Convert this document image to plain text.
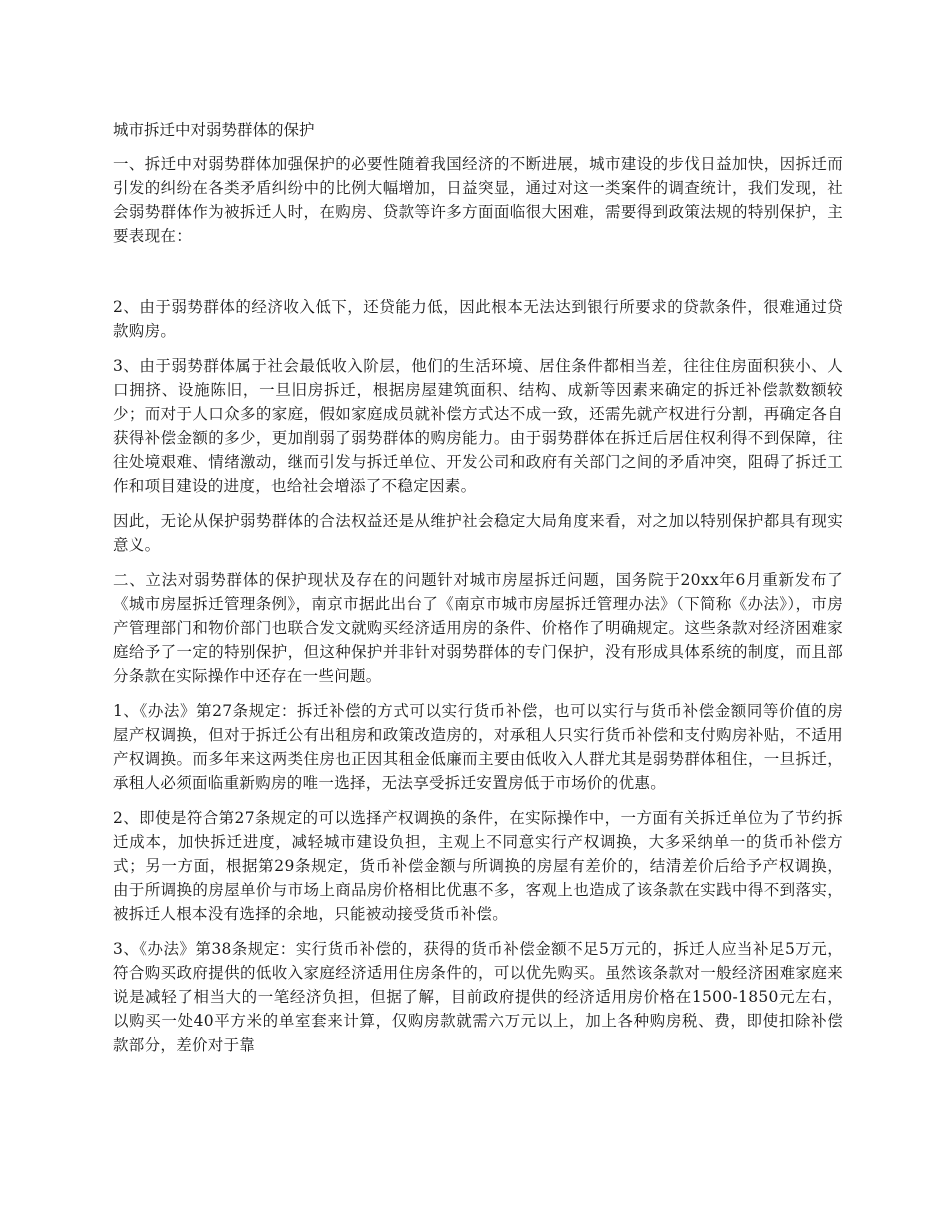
城市拆迁中对弱势群体的保护

一、拆迁中对弱势群体加强保护的必要性随着我国经济的不断进展，城市建设的步伐日益加快，因拆迁而引发的纠纷在各类矛盾纠纷中的比例大幅增加，日益突显，通过对这一类案件的调查统计，我们发现，社会弱势群体作为被拆迁人时，在购房、贷款等许多方面面临很大困难，需要得到政策法规的特别保护，主要表现在：

2、由于弱势群体的经济收入低下，还贷能力低，因此根本无法达到银行所要求的贷款条件，很难通过贷款购房。

3、由于弱势群体属于社会最低收入阶层，他们的生活环境、居住条件都相当差，往往住房面积狭小、人口拥挤、设施陈旧，一旦旧房拆迁，根据房屋建筑面积、结构、成新等因素来确定的拆迁补偿款数额较少；而对于人口众多的家庭，假如家庭成员就补偿方式达不成一致，还需先就产权进行分割，再确定各自获得补偿金额的多少，更加削弱了弱势群体的购房能力。由于弱势群体在拆迁后居住权利得不到保障，往往处境艰难、情绪激动，继而引发与拆迁单位、开发公司和政府有关部门之间的矛盾冲突，阻碍了拆迁工作和项目建设的进度，也给社会增添了不稳定因素。

因此，无论从保护弱势群体的合法权益还是从维护社会稳定大局角度来看，对之加以特别保护都具有现实意义。

二、立法对弱势群体的保护现状及存在的问题针对城市房屋拆迁问题，国务院于20xx年6月重新发布了《城市房屋拆迁管理条例》，南京市据此出台了《南京市城市房屋拆迁管理办法》（下简称《办法》），市房产管理部门和物价部门也联合发文就购买经济适用房的条件、价格作了明确规定。这些条款对经济困难家庭给予了一定的特别保护，但这种保护并非针对弱势群体的专门保护，没有形成具体系统的制度，而且部分条款在实际操作中还存在一些问题。

1、《办法》第27条规定：拆迁补偿的方式可以实行货币补偿，也可以实行与货币补偿金额同等价值的房屋产权调换，但对于拆迁公有出租房和政策改造房的，对承租人只实行货币补偿和支付购房补贴，不适用产权调换。而多年来这两类住房也正因其租金低廉而主要由低收入人群尤其是弱势群体租住，一旦拆迁，承租人必须面临重新购房的唯一选择，无法享受拆迁安置房低于市场价的优惠。

2、即使是符合第27条规定的可以选择产权调换的条件，在实际操作中，一方面有关拆迁单位为了节约拆迁成本，加快拆迁进度，减轻城市建设负担，主观上不同意实行产权调换，大多采纳单一的货币补偿方式；另一方面，根据第29条规定，货币补偿金额与所调换的房屋有差价的，结清差价后给予产权调换，由于所调换的房屋单价与市场上商品房价格相比优惠不多，客观上也造成了该条款在实践中得不到落实，被拆迁人根本没有选择的余地，只能被动接受货币补偿。

3、《办法》第38条规定：实行货币补偿的，获得的货币补偿金额不足5万元的，拆迁人应当补足5万元，符合购买政府提供的低收入家庭经济适用住房条件的，可以优先购买。虽然该条款对一般经济困难家庭来说是减轻了相当大的一笔经济负担，但据了解，目前政府提供的经济适用房价格在1500-1850元左右，以购买一处40平方米的单室套来计算，仅购房款就需六万元以上，加上各种购房税、费，即使扣除补偿款部分，差价对于靠
